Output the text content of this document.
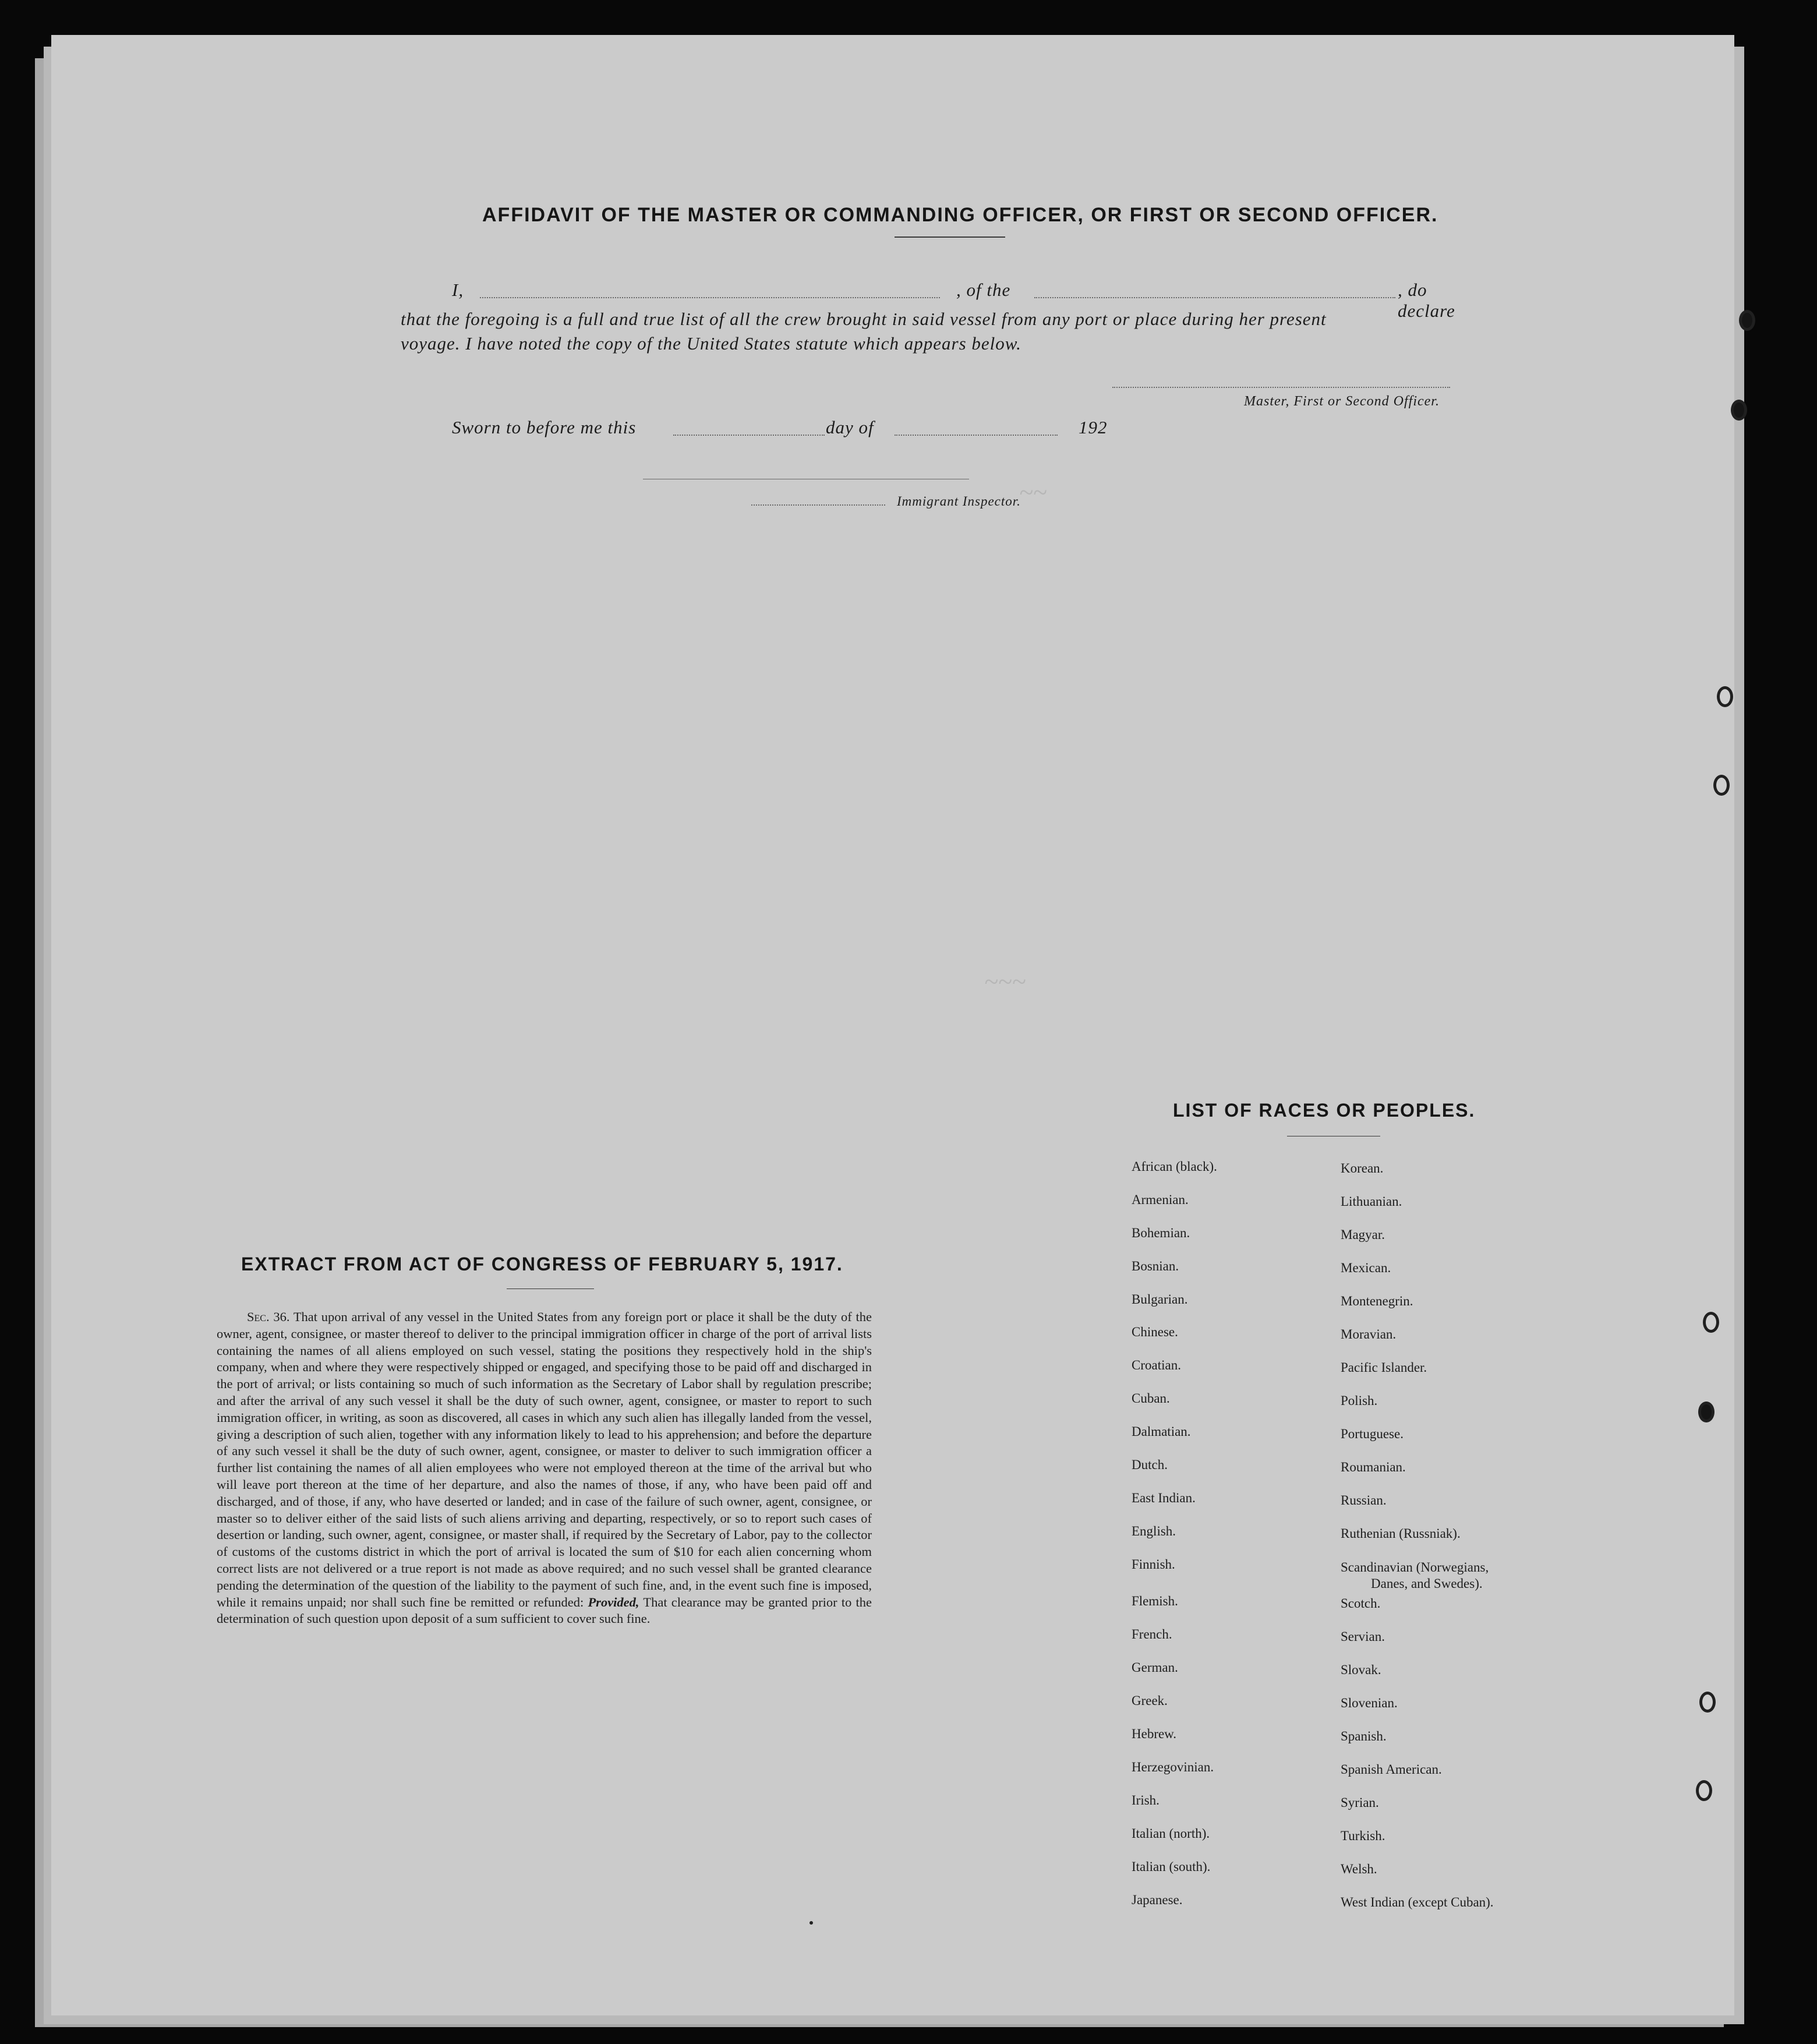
~~~
~~
AFFIDAVIT OF THE MASTER OR COMMANDING OFFICER, OR FIRST OR SECOND OFFICER.
I,	, of the	, do declare
that the foregoing is a full and true list of all the crew brought in said vessel from any port or place during her present
voyage. I have noted the copy of the United States statute which appears below.
Master, First or Second Officer.
Sworn to before me this	day of	192
Immigrant Inspector.
EXTRACT FROM ACT OF CONGRESS OF FEBRUARY 5, 1917.

Sec. 36. That upon arrival of any vessel in the United States from any foreign port or place it shall be the duty of the owner, agent, consignee, or master thereof to deliver to the principal immigration officer in charge of the port of arrival lists containing the names of all aliens employed on such vessel, stating the positions they respectively hold in the ship's company, when and where they were respectively shipped or engaged, and specifying those to be paid off and discharged in the port of arrival; or lists containing so much of such information as the Secretary of Labor shall by regulation prescribe; and after the arrival of any such vessel it shall be the duty of such owner, agent, consignee, or master to report to such immigration officer, in writing, as soon as discovered, all cases in which any such alien has illegally landed from the vessel, giving a description of such alien, together with any information likely to lead to his apprehension; and before the departure of any such vessel it shall be the duty of such owner, agent, consignee, or master to deliver to such immigration officer a further list containing the names of all alien employees who were not employed thereon at the time of the arrival but who will leave port thereon at the time of her departure, and also the names of those, if any, who have been paid off and discharged, and of those, if any, who have deserted or landed; and in case of the failure of such owner, agent, consignee, or master so to deliver either of the said lists of such aliens arriving and departing, respectively, or so to report such cases of desertion or landing, such owner, agent, consignee, or master shall, if required by the Secretary of Labor, pay to the collector of customs of the customs district in which the port of arrival is located the sum of $10 for each alien concerning whom correct lists are not delivered or a true report is not made as above required; and no such vessel shall be granted clearance pending the determination of the question of the liability to the payment of such fine, and, in the event such fine is imposed, while it remains unpaid; nor shall such fine be remitted or refunded: Provided, That clearance may be granted prior to the determination of such question upon deposit of a sum sufficient to cover such fine.

LIST OF RACES OR PEOPLES.
African (black).
Armenian.
Bohemian.
Bosnian.
Bulgarian.
Chinese.
Croatian.
Cuban.
Dalmatian.
Dutch.
East Indian.
English.
Finnish.
Flemish.
French.
German.
Greek.
Hebrew.
Herzegovinian.
Irish.
Italian (north).
Italian (south).
Japanese.
Korean.
Lithuanian.
Magyar.
Mexican.
Montenegrin.
Moravian.
Pacific Islander.
Polish.
Portuguese.
Roumanian.
Russian.
Ruthenian (Russniak).
Scandinavian (Norwegians,
Danes, and Swedes).
Scotch.
Servian.
Slovak.
Slovenian.
Spanish.
Spanish American.
Syrian.
Turkish.
Welsh.
West Indian (except Cuban).
